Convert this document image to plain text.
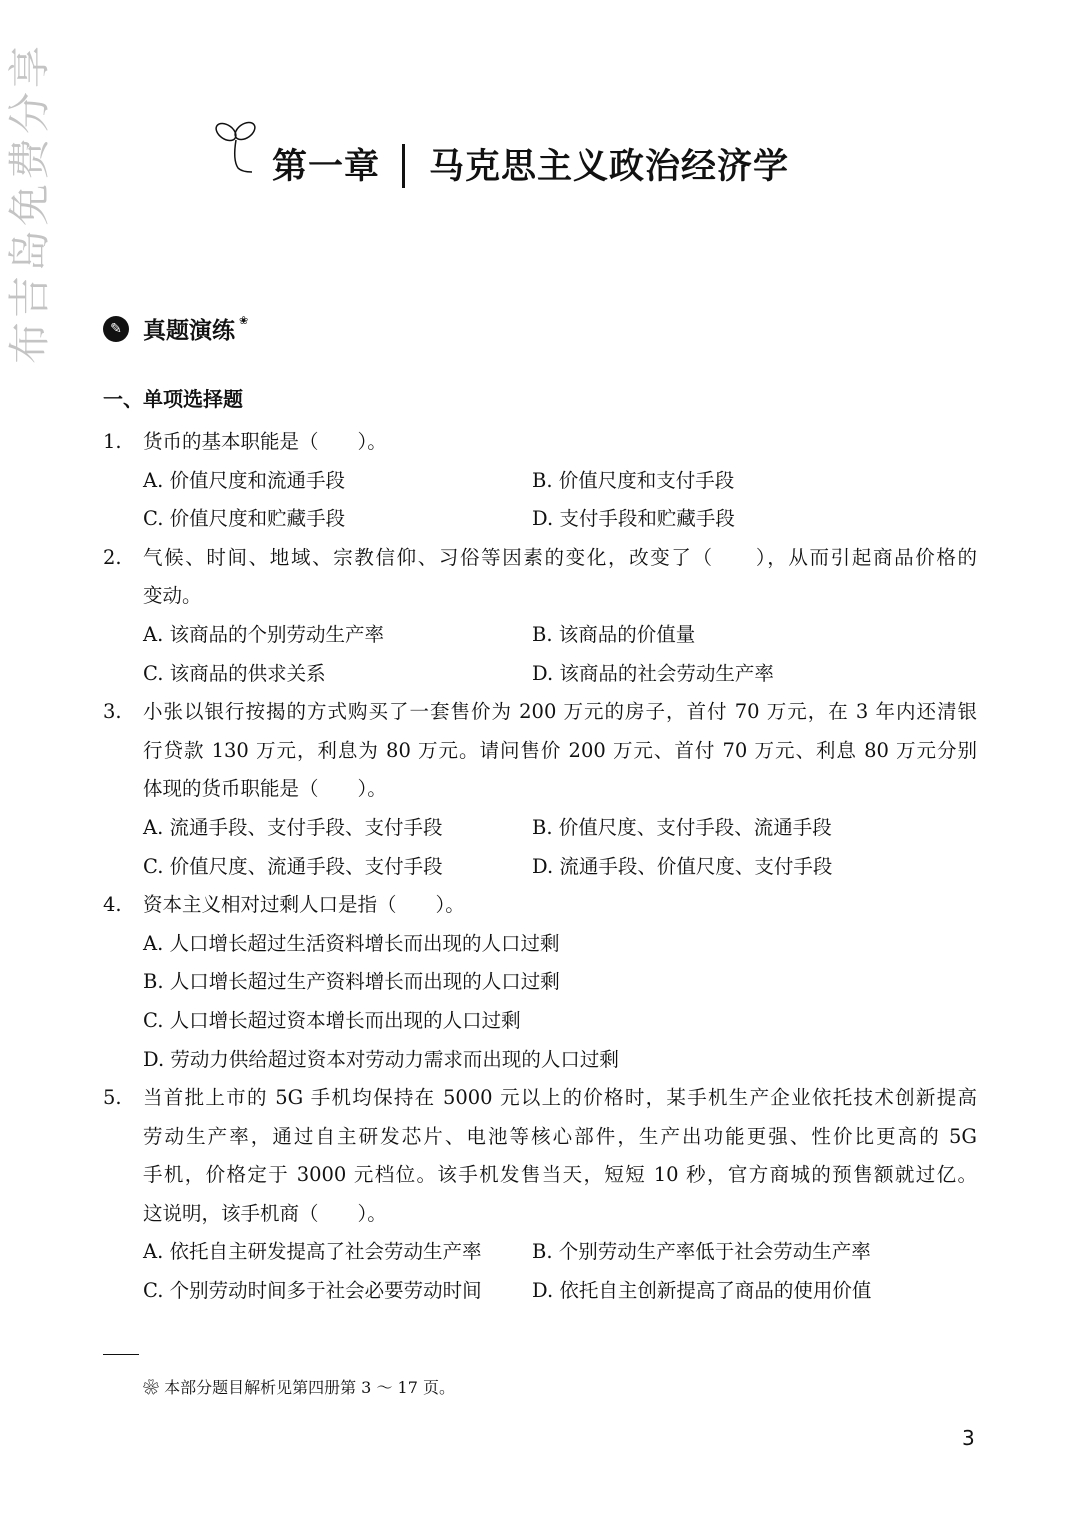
布吉岛免费分享	第一章 马克思主义政治经济学
✎ 真题演练 ❀
一、单项选择题
1.	货币的基本职能是（　　）。
A. 价值尺度和流通手段	B. 价值尺度和支付手段
C. 价值尺度和贮藏手段	D. 支付手段和贮藏手段
2.	气候、时间、地域、宗教信仰、习俗等因素的变化，改变了（　　），从而引起商品价格的
变动。
A. 该商品的个别劳动生产率	B. 该商品的价值量
C. 该商品的供求关系	D. 该商品的社会劳动生产率
3.	小张以银行按揭的方式购买了一套售价为 200 万元的房子，首付 70 万元，在 3 年内还清银
行贷款 130 万元，利息为 80 万元。请问售价 200 万元、首付 70 万元、利息 80 万元分别
体现的货币职能是（　　）。
A. 流通手段、支付手段、支付手段	B. 价值尺度、支付手段、流通手段
C. 价值尺度、流通手段、支付手段	D. 流通手段、价值尺度、支付手段
4.	资本主义相对过剩人口是指（　　）。
A. 人口增长超过生活资料增长而出现的人口过剩
B. 人口增长超过生产资料增长而出现的人口过剩
C. 人口增长超过资本增长而出现的人口过剩
D. 劳动力供给超过资本对劳动力需求而出现的人口过剩
5.	当首批上市的 5G 手机均保持在 5000 元以上的价格时，某手机生产企业依托技术创新提高
劳动生产率，通过自主研发芯片、电池等核心部件，生产出功能更强、性价比更高的 5G
手机，价格定于 3000 元档位。该手机发售当天，短短 10 秒，官方商城的预售额就过亿。
这说明，该手机商（　　）。
A. 依托自主研发提高了社会劳动生产率	B. 个别劳动生产率低于社会劳动生产率
C. 个别劳动时间多于社会必要劳动时间	D. 依托自主创新提高了商品的使用价值
❀ 本部分题目解析见第四册第 3 ～ 17 页。
3
